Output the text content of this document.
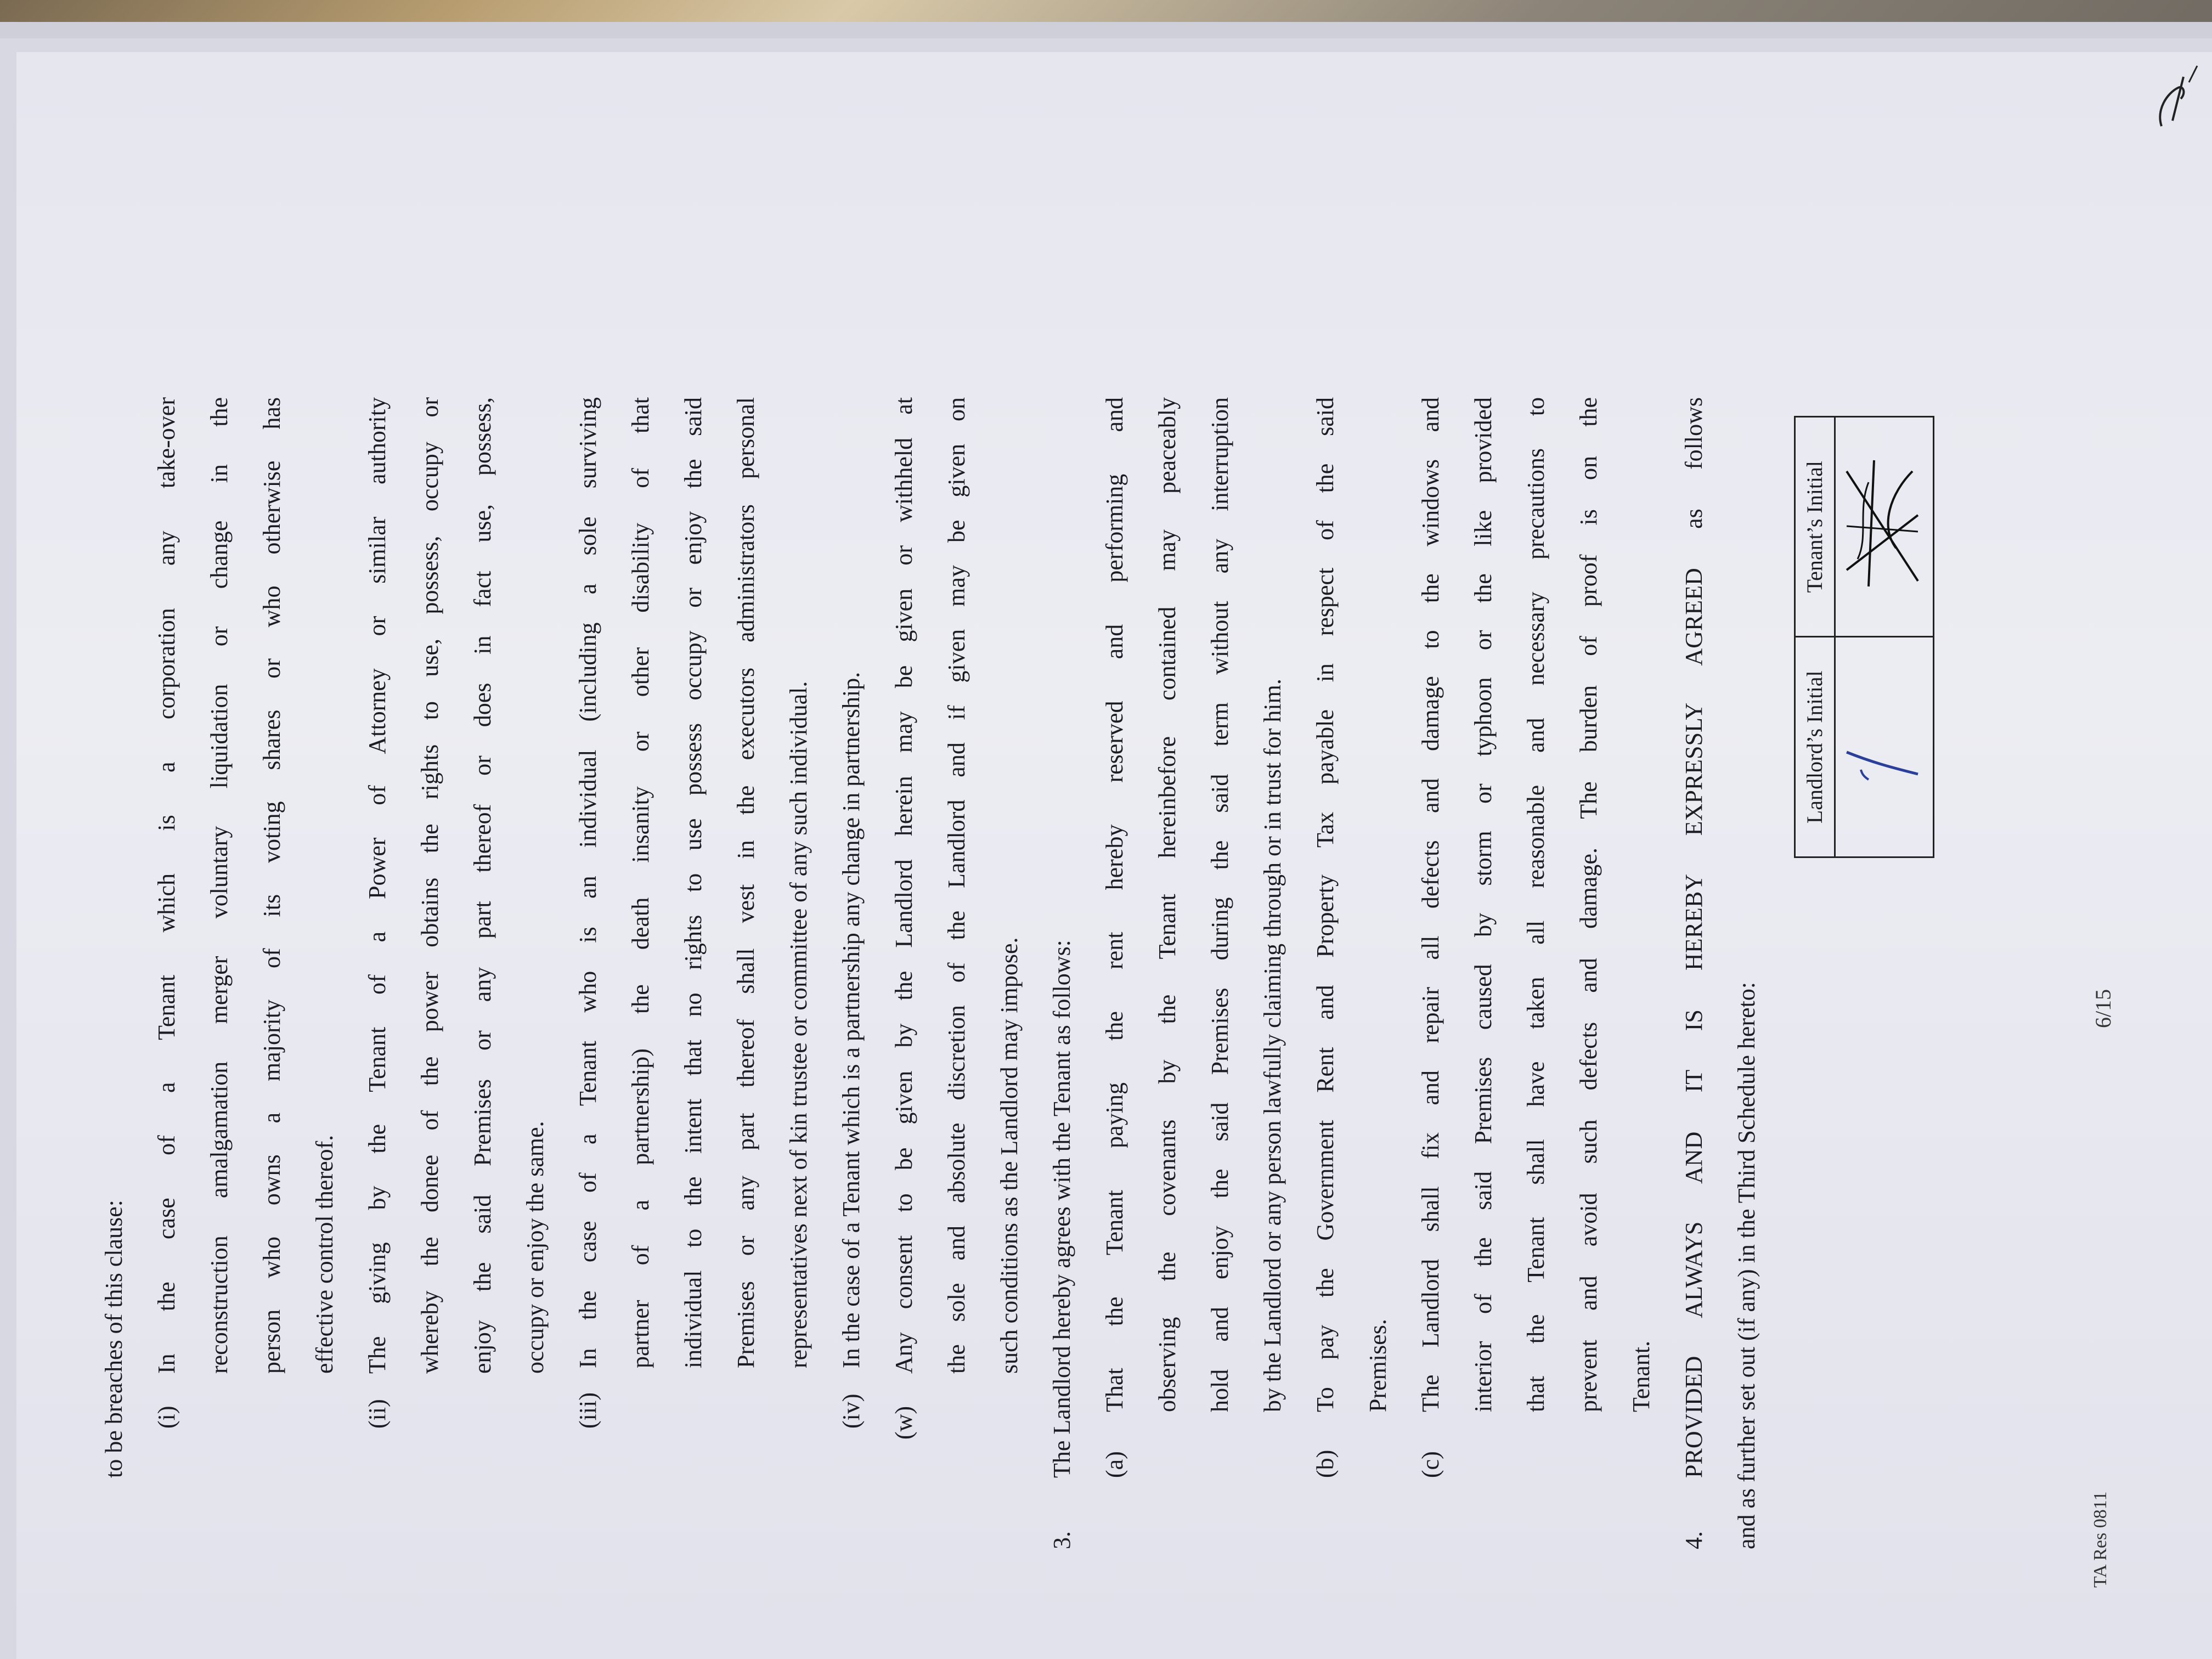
to be breaches of this clause: (i)
In the case of a Tenant which is a corporation any take-over reconstruction amalgamation merger voluntary liquidation or change in the person who owns a majority of its voting shares or who otherwise has effective control thereof.
(ii)
The giving by the Tenant of a Power of Attorney or similar authority whereby the donee of the power obtains the rights to use, possess, occupy or enjoy the said Premises or any part thereof or does in fact use, possess, occupy or enjoy the same.
(iii)
In the case of a Tenant who is an individual (including a sole surviving partner of a partnership) the death insanity or other disability of that individual to the intent that no rights to use possess occupy or enjoy the said Premises or any part thereof shall vest in the executors administrators personal representatives next of kin trustee or committee of any such individual.
(iv)
In the case of a Tenant which is a partnership any change in partnership.
(w)
Any consent to be given by the Landlord herein may be given or withheld at the sole and absolute discretion of the Landlord and if given may be given on such conditions as the Landlord may impose.
3.
The Landlord hereby agrees with the Tenant as follows: (a)
That the Tenant paying the rent hereby reserved and performing and observing the covenants by the Tenant hereinbefore contained may peaceably hold and enjoy the said Premises during the said term without any interruption by the Landlord or any person lawfully claiming through or in trust for him.
(b)
To pay the Government Rent and Property Tax payable in respect of the said Premises.
(c)
The Landlord shall fix and repair all defects and damage to the windows and interior of the said Premises caused by storm or typhoon or the like provided that the Tenant shall have taken all reasonable and necessary precautions to prevent and avoid such defects and damage. The burden of proof is on the Tenant.
4.
PROVIDED ALWAYS AND IT IS HEREBY EXPRESSLY AGREED as follows and as further set out (if any) in the Third Schedule hereto:
Landlord’s Initial
Tenant’s Initial
TA Res 0811
6/15
